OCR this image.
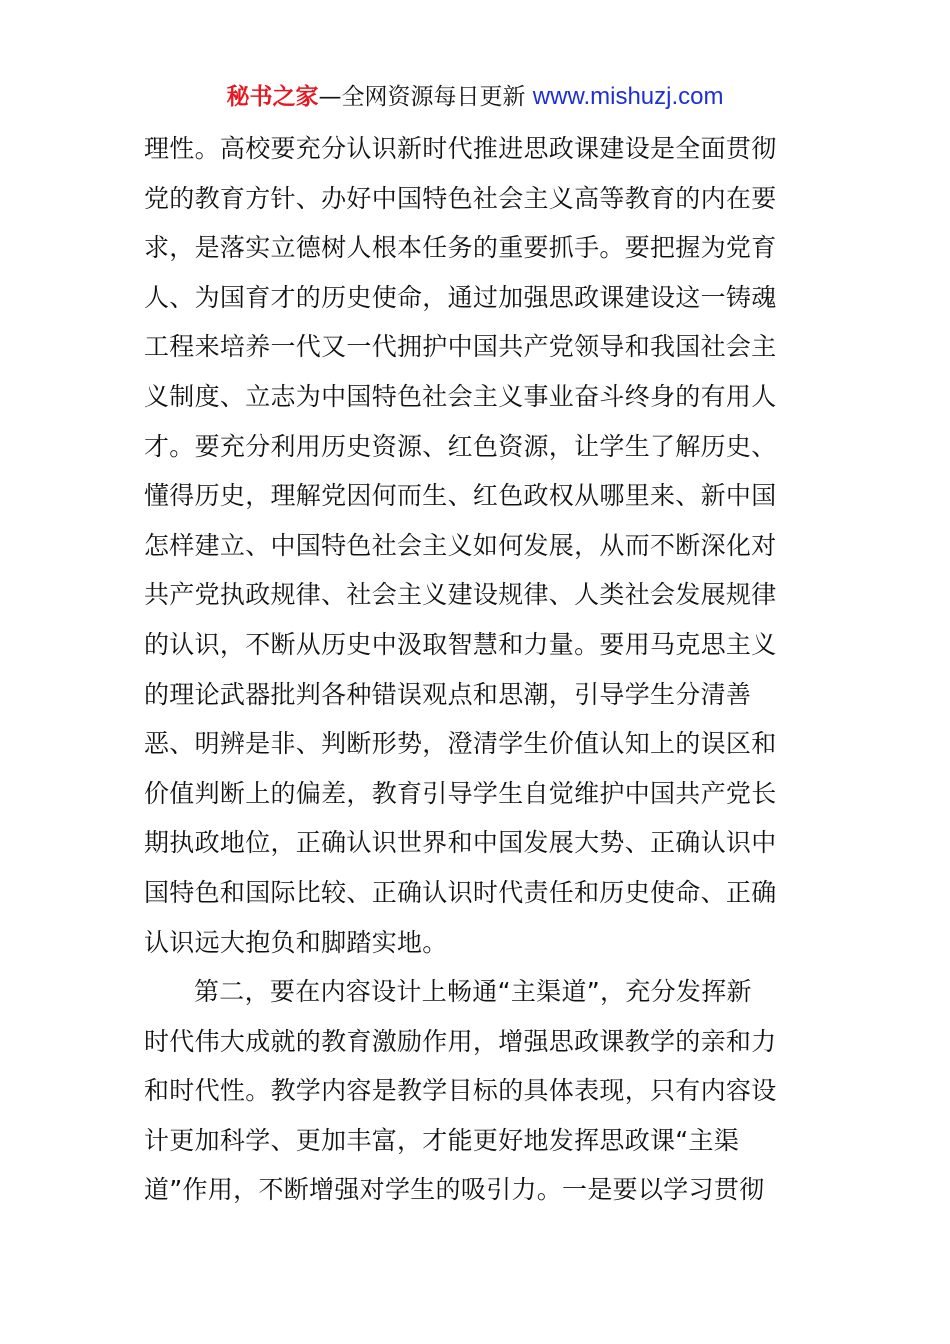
秘书之家—全网资源每日更新 www.mishuzj.com
理性。高校要充分认识新时代推进思政课建设是全面贯彻
党的教育方针、办好中国特色社会主义高等教育的内在要
求，是落实立德树人根本任务的重要抓手。要把握为党育
人、为国育才的历史使命，通过加强思政课建设这一铸魂
工程来培养一代又一代拥护中国共产党领导和我国社会主
义制度、立志为中国特色社会主义事业奋斗终身的有用人
才。要充分利用历史资源、红色资源，让学生了解历史、
懂得历史，理解党因何而生、红色政权从哪里来、新中国
怎样建立、中国特色社会主义如何发展，从而不断深化对
共产党执政规律、社会主义建设规律、人类社会发展规律
的认识，不断从历史中汲取智慧和力量。要用马克思主义
的理论武器批判各种错误观点和思潮，引导学生分清善
恶、明辨是非、判断形势，澄清学生价值认知上的误区和
价值判断上的偏差，教育引导学生自觉维护中国共产党长
期执政地位，正确认识世界和中国发展大势、正确认识中
国特色和国际比较、正确认识时代责任和历史使命、正确
认识远大抱负和脚踏实地。
第二，要在内容设计上畅通“主渠道”，充分发挥新
时代伟大成就的教育激励作用，增强思政课教学的亲和力
和时代性。教学内容是教学目标的具体表现，只有内容设
计更加科学、更加丰富，才能更好地发挥思政课“主渠
道”作用，不断增强对学生的吸引力。一是要以学习贯彻
